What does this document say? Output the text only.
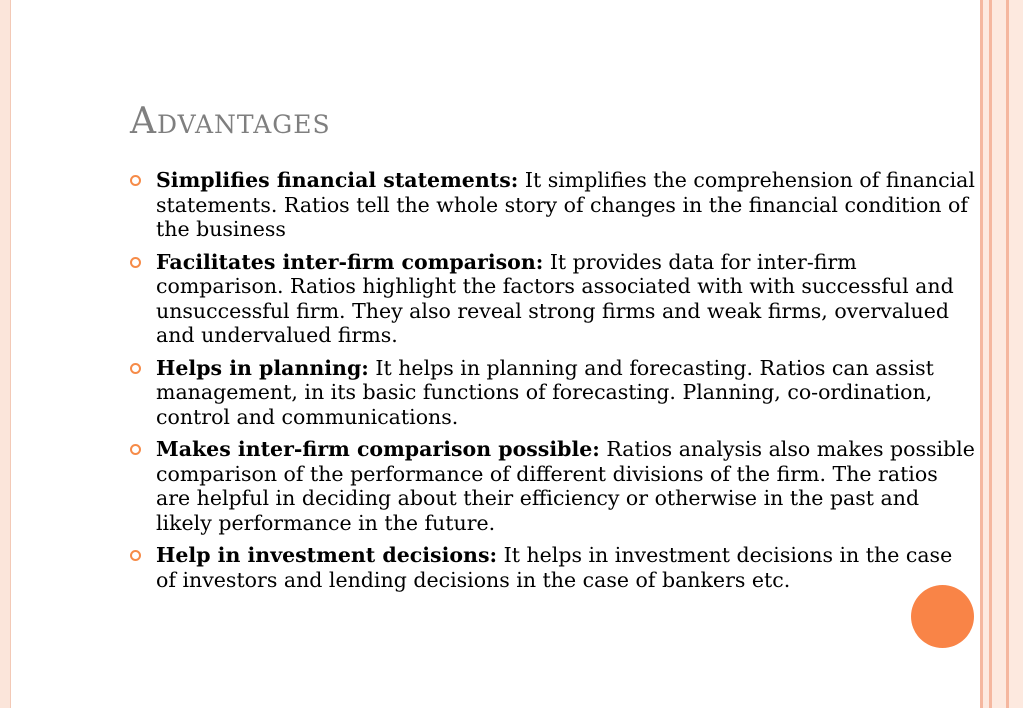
Advantages
Simplifies financial statements: It simplifies the comprehension of financial statements. Ratios tell the whole story of changes in the financial condition of the business
Facilitates inter-firm comparison: It provides data for inter-firm comparison. Ratios highlight the factors associated with with successful and unsuccessful firm. They also reveal strong firms and weak firms, overvalued and undervalued firms.
Helps in planning: It helps in planning and forecasting. Ratios can assist management, in its basic functions of forecasting. Planning, co-ordination, control and communications.
Makes inter-firm comparison possible: Ratios analysis also makes possible comparison of the performance of different divisions of the firm. The ratios are helpful in deciding about their efficiency or otherwise in the past and likely performance in the future.
Help in investment decisions: It helps in investment decisions in the case of investors and lending decisions in the case of bankers etc.
